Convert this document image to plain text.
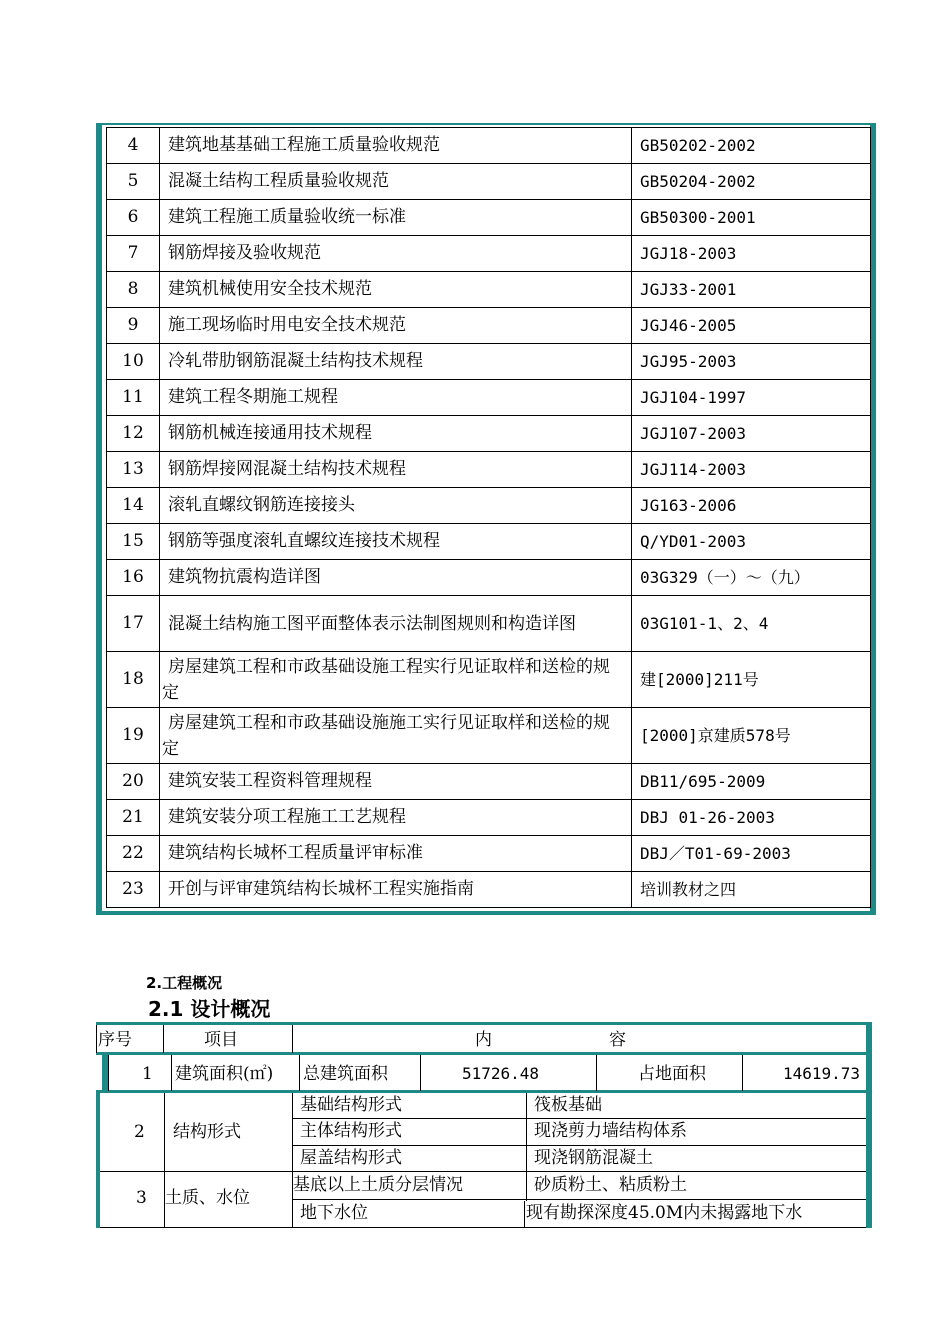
4	建筑地基基础工程施工质量验收规范	GB50202-2002
5	混凝土结构工程质量验收规范	GB50204-2002
6	建筑工程施工质量验收统一标准	GB50300-2001
7	钢筋焊接及验收规范	JGJ18-2003
8	建筑机械使用安全技术规范	JGJ33-2001
9	施工现场临时用电安全技术规范	JGJ46-2005
10	冷轧带肋钢筋混凝土结构技术规程	JGJ95-2003
11	建筑工程冬期施工规程	JGJ104-1997
12	钢筋机械连接通用技术规程	JGJ107-2003
13	钢筋焊接网混凝土结构技术规程	JGJ114-2003
14	滚轧直螺纹钢筋连接接头	JG163-2006
15	钢筋等强度滚轧直螺纹连接技术规程	Q/YD01-2003
16	建筑物抗震构造详图	03G329（一）～（九）
17	混凝土结构施工图平面整体表示法制图规则和构造详图	03G101-1、2、4
18	房屋建筑工程和市政基础设施工程实行见证取样和送检的规定	建[2000]211号
19	房屋建筑工程和市政基础设施施工实行见证取样和送检的规定	[2000]京建质578号
20	建筑安装工程资料管理规程	DB11/695-2009
21	建筑安装分项工程施工工艺规程	DBJ 01-26-2003
22	建筑结构长城杯工程质量评审标准	DBJ／T01-69-2003
23	开创与评审建筑结构长城杯工程实施指南	培训教材之四
2.工程概况
2.1 设计概况
序号	项目	内	容
1 建筑面积(㎡) 总建筑面积	51726.48	占地面积	14619.73
2 结构形式
基础结构形式	筏板基础
主体结构形式	现浇剪力墙结构体系
屋盖结构形式	现浇钢筋混凝土
3 土质、水位
基底以上土质分层情况	砂质粉土、粘质粉土
地下水位	现有勘探深度45.0M内未揭露地下水
